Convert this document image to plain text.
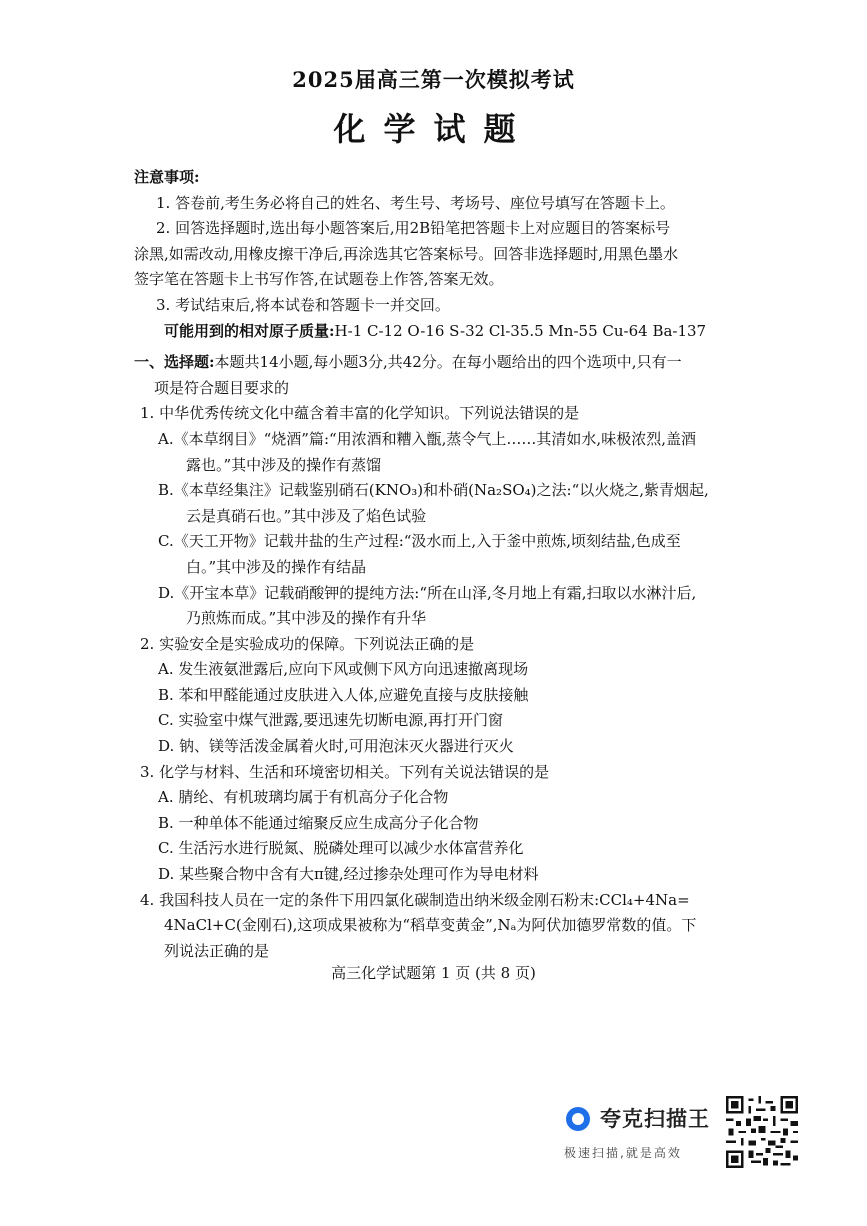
2025届高三第一次模拟考试
化学试题
注意事项:
1. 答卷前,考生务必将自己的姓名、考生号、考场号、座位号填写在答题卡上。
2. 回答选择题时,选出每小题答案后,用2B铅笔把答题卡上对应题目的答案标号
涂黑,如需改动,用橡皮擦干净后,再涂选其它答案标号。回答非选择题时,用黑色墨水
签字笔在答题卡上书写作答,在试题卷上作答,答案无效。
3. 考试结束后,将本试卷和答题卡一并交回。
可能用到的相对原子质量:H-1 C-12 O-16 S-32 Cl-35.5 Mn-55 Cu-64 Ba-137
一、选择题:本题共14小题,每小题3分,共42分。在每小题给出的四个选项中,只有一
项是符合题目要求的
1. 中华优秀传统文化中蕴含着丰富的化学知识。下列说法错误的是
A.《本草纲目》“烧酒”篇:“用浓酒和糟入甑,蒸令气上……其清如水,味极浓烈,盖酒
露也。”其中涉及的操作有蒸馏
B.《本草经集注》记载鉴别硝石(KNO₃)和朴硝(Na₂SO₄)之法:“以火烧之,紫青烟起,
云是真硝石也。”其中涉及了焰色试验
C.《天工开物》记载井盐的生产过程:“汲水而上,入于釜中煎炼,顷刻结盐,色成至
白。”其中涉及的操作有结晶
D.《开宝本草》记载硝酸钾的提纯方法:“所在山泽,冬月地上有霜,扫取以水淋汁后,
乃煎炼而成。”其中涉及的操作有升华
2. 实验安全是实验成功的保障。下列说法正确的是
A. 发生液氨泄露后,应向下风或侧下风方向迅速撤离现场
B. 苯和甲醛能通过皮肤进入人体,应避免直接与皮肤接触
C. 实验室中煤气泄露,要迅速先切断电源,再打开门窗
D. 钠、镁等活泼金属着火时,可用泡沫灭火器进行灭火
3. 化学与材料、生活和环境密切相关。下列有关说法错误的是
A. 腈纶、有机玻璃均属于有机高分子化合物
B. 一种单体不能通过缩聚反应生成高分子化合物
C. 生活污水进行脱氮、脱磷处理可以减少水体富营养化
D. 某些聚合物中含有大π键,经过掺杂处理可作为导电材料
4. 我国科技人员在一定的条件下用四氯化碳制造出纳米级金刚石粉末:CCl₄+4Na=
4NaCl+C(金刚石),这项成果被称为“稻草变黄金”,Nₐ为阿伏加德罗常数的值。下
列说法正确的是
高三化学试题第 1 页 (共 8 页)
夸克扫描王
极速扫描,就是高效
